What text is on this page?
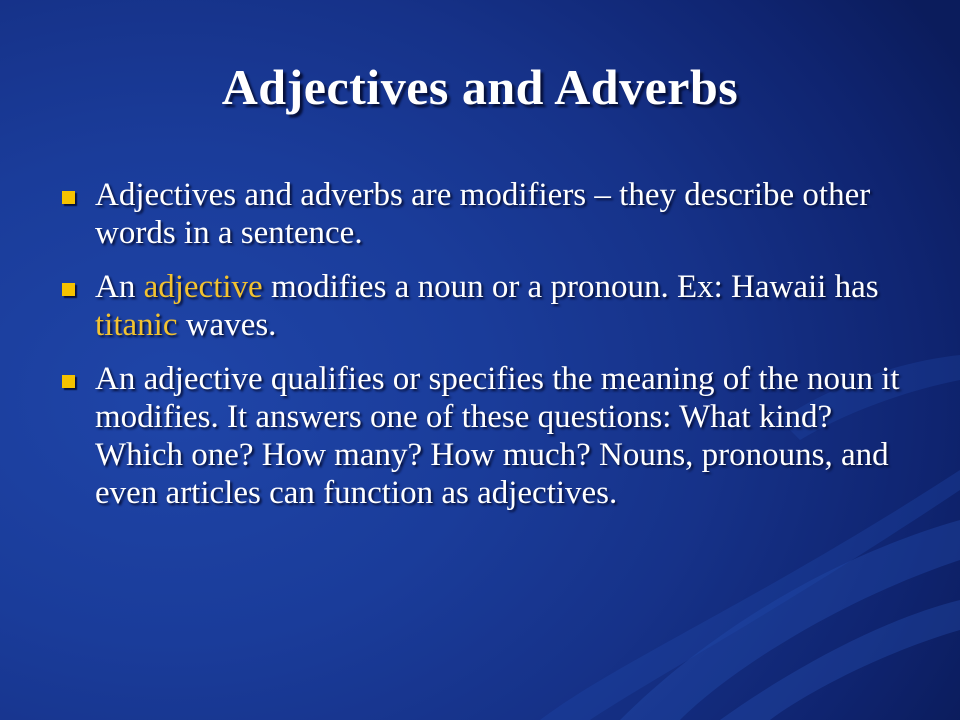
Adjectives and Adverbs
Adjectives and adverbs are modifiers – they describe other words in a sentence.
An adjective modifies a noun or a pronoun. Ex: Hawaii has titanic waves.
An adjective qualifies or specifies the meaning of the noun it modifies. It answers one of these questions: What kind? Which one? How many? How much? Nouns, pronouns, and even articles can function as adjectives.
